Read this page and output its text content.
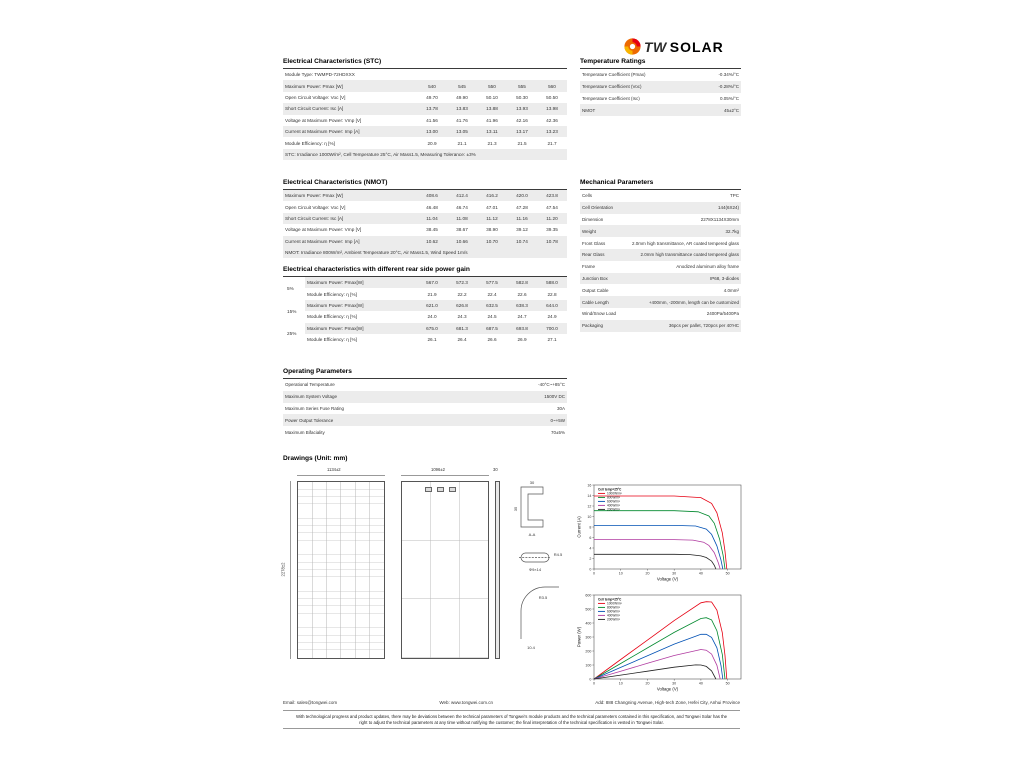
TW SOLAR
Electrical Characteristics (STC)
Module Type: TWMPD-72HDXXX
Maximum Power: Pmax [W]	540	545	550	555	560
Open Circuit Voltage: Voc [V]	49.70	49.90	50.10	50.30	50.50
Short Circuit Current: Isc [A]	13.78	13.83	13.88	13.93	13.98
Voltage at Maximum Power: Vmp [V]	41.56	41.76	41.96	42.16	42.36
Current at Maximum Power: Imp [A]	13.00	13.05	13.11	13.17	13.23
Module Efficiency: η [%]	20.9	21.1	21.3	21.5	21.7
STC: Irradiance 1000W/m², Cell Temperature 25°C, Air Mass1.5, Measuring Tolerance: ±3%
Electrical Characteristics (NMOT)
Maximum Power: Pmax [W]	408.6	412.4	416.2	420.0	423.8
Open Circuit Voltage: Voc [V]	46.48	46.74	47.01	47.28	47.54
Short Circuit Current: Isc [A]	11.04	11.08	11.12	11.16	11.20
Voltage at Maximum Power: Vmp [V]	38.45	38.67	38.90	39.12	39.35
Current at Maximum Power: Imp [A]	10.62	10.66	10.70	10.74	10.78
NMOT: Irradiance 800W/m², Ambient Temperature 20°C, Air Mass1.5, Wind Speed 1m/s
Electrical characteristics with different rear side power gain
5%
Maximum Power: Pmax[W]	567.0	572.3	577.5	582.8	588.0
Module Efficiency: η [%]	21.9	22.2	22.4	22.6	22.8
15%
Maximum Power: Pmax[W]	621.0	626.8	632.5	638.3	644.0
Module Efficiency: η [%]	24.0	24.3	24.5	24.7	24.9
25%
Maximum Power: Pmax[W]	675.0	681.3	687.5	693.8	700.0
Module Efficiency: η [%]	26.1	26.4	26.6	26.9	27.1
Operating Parameters
Operational Temperature	-40°C~+85°C
Maximum System Voltage	1500V DC
Maximum Series Fuse Rating	30A
Power Output Tolerance	0~+5W
Maximum Bifaciality	70±5%
Temperature Ratings
Temperature Coefficient (Pmax)	-0.34%/°C
Temperature Coefficient (Voc)	-0.28%/°C
Temperature Coefficient (Isc)	0.05%/°C
NMOT	45±2°C
Mechanical Parameters
Cells	TPC
Cell Orientation	144(6X24)
Dimension	2278X1134X30mm
Weight	32.7kg
Front Glass	2.0mm high transmittance, AR coated tempered glass
Rear Glass	2.0mm high transmittance coated tempered glass
Frame	Anodized aluminum alloy frame
Junction Box	IP68, 3-diodes
Output Cable	4.0mm²
Cable Length	+400mm, -200mm, length can be customized
Wind/Snow Load	2400Pa/5400Pa
Packaging	36pcs per pallet, 720pcs per 40'HC
Drawings (Unit: mm)
1134±2
2278±2
1096±2	30
30
35
A-A
R4.5
Φ9×14
R3.5
10.4
0	10	20	30	40	50
0
2
4
6
8
10
12
14
16
Voltage (V)
Current (A)
Cell temp=25°C
1000W/m²
800W/m²
600W/m²
400W/m²
200W/m²
0	10	20	30	40	50
0
100
200
300
400
500
600
Voltage (V)
Power (W)
Cell temp=25°C
1000W/m²
800W/m²
600W/m²
400W/m²
200W/m²
Email: sales@tongwei.com	Web: www.tongwei.com.cn	Add: 888 Changning Avenue, High-tech Zone, Hefei City, Anhui Province
With technological progress and product updates, there may be deviations between the technical parameters of Tongwei's module products and the technical parameters contained in this specification, and Tongwei Solar has the right to adjust the technical parameters at any time without notifying the customer; the final interpretation of the technical specification is vested in Tongwei Solar.
